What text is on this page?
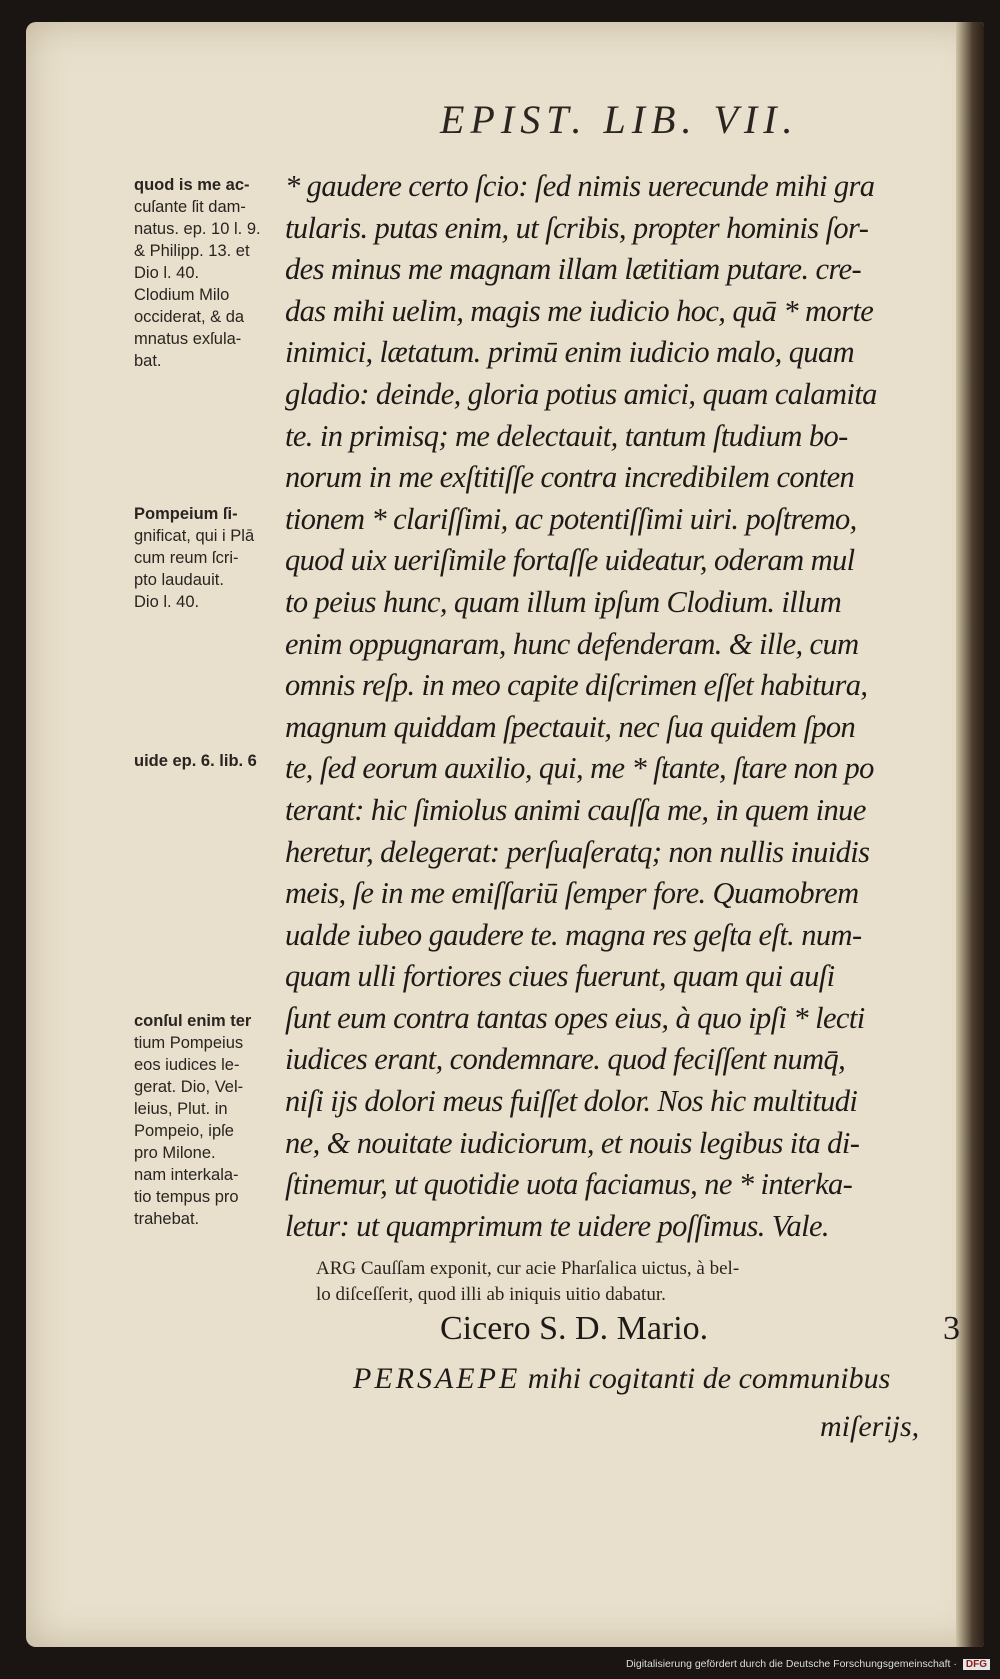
EPIST. LIB. VII.
* gaudere certo ſcio: ſed nimis uerecunde mihi gra
tularis. putas enim, ut ſcribis, propter hominis ſor-
des minus me magnam illam lætitiam putare. cre-
das mihi uelim, magis me iudicio hoc, quā * morte
inimici, lætatum. primū enim iudicio malo, quam
gladio: deinde, gloria potius amici, quam calamita
te. in primisq; me delectauit, tantum ſtudium bo-
norum in me exſtitiſſe contra incredibilem conten
tionem * clariſſimi, ac potentiſſimi uiri. poſtremo,
quod uix ueriſimile fortaſſe uideatur, oderam mul
to peius hunc, quam illum ipſum Clodium. illum
enim oppugnaram, hunc defenderam. & ille, cum
omnis reſp. in meo capite diſcrimen eſſet habitura,
magnum quiddam ſpectauit, nec ſua quidem ſpon
te, ſed eorum auxilio, qui, me * ſtante, ſtare non po
terant: hic ſimiolus animi cauſſa me, in quem inue
heretur, delegerat: perſuaſeratq; non nullis inuidis
meis, ſe in me emiſſariū ſemper fore. Quamobrem
ualde iubeo gaudere te. magna res geſta eſt. num-
quam ulli fortiores ciues fuerunt, quam qui auſi
ſunt eum contra tantas opes eius, à quo ipſi * lecti
iudices erant, condemnare. quod feciſſent numq̄,
niſi ijs dolori meus fuiſſet dolor. Nos hic multitudi
ne, & nouitate iudiciorum, et nouis legibus ita di-
ſtinemur, ut quotidie uota faciamus, ne * interka-
letur: ut quamprimum te uidere poſſimus. Vale.
quod is me ac-
cuſante ſit dam-
natus. ep. 10 l. 9.
& Philipp. 13. et
Dio l. 40.
Clodium Milo
occiderat, & da
mnatus exſula-
bat.
Pompeium ſi-
gnificat, qui i Plā
cum reum ſcri-
pto laudauit.
Dio l. 40.
uide ep. 6. lib. 6
conſul enim ter
tium Pompeius
eos iudices le-
gerat. Dio, Vel-
leius, Plut. in
Pompeio, ipſe
pro Milone.
nam interkala-
tio tempus pro
trahebat.
ARG Cauſſam exponit, cur acie Pharſalica uictus, à bel-
lo diſceſſerit, quod illi ab iniquis uitio dabatur.
Cicero S. D. Mario.	3
PERSAEPE mihi cogitanti de communibus
miſerijs,
Digitalisierung gefördert durch die Deutsche Forschungsgemeinschaft · DFG
